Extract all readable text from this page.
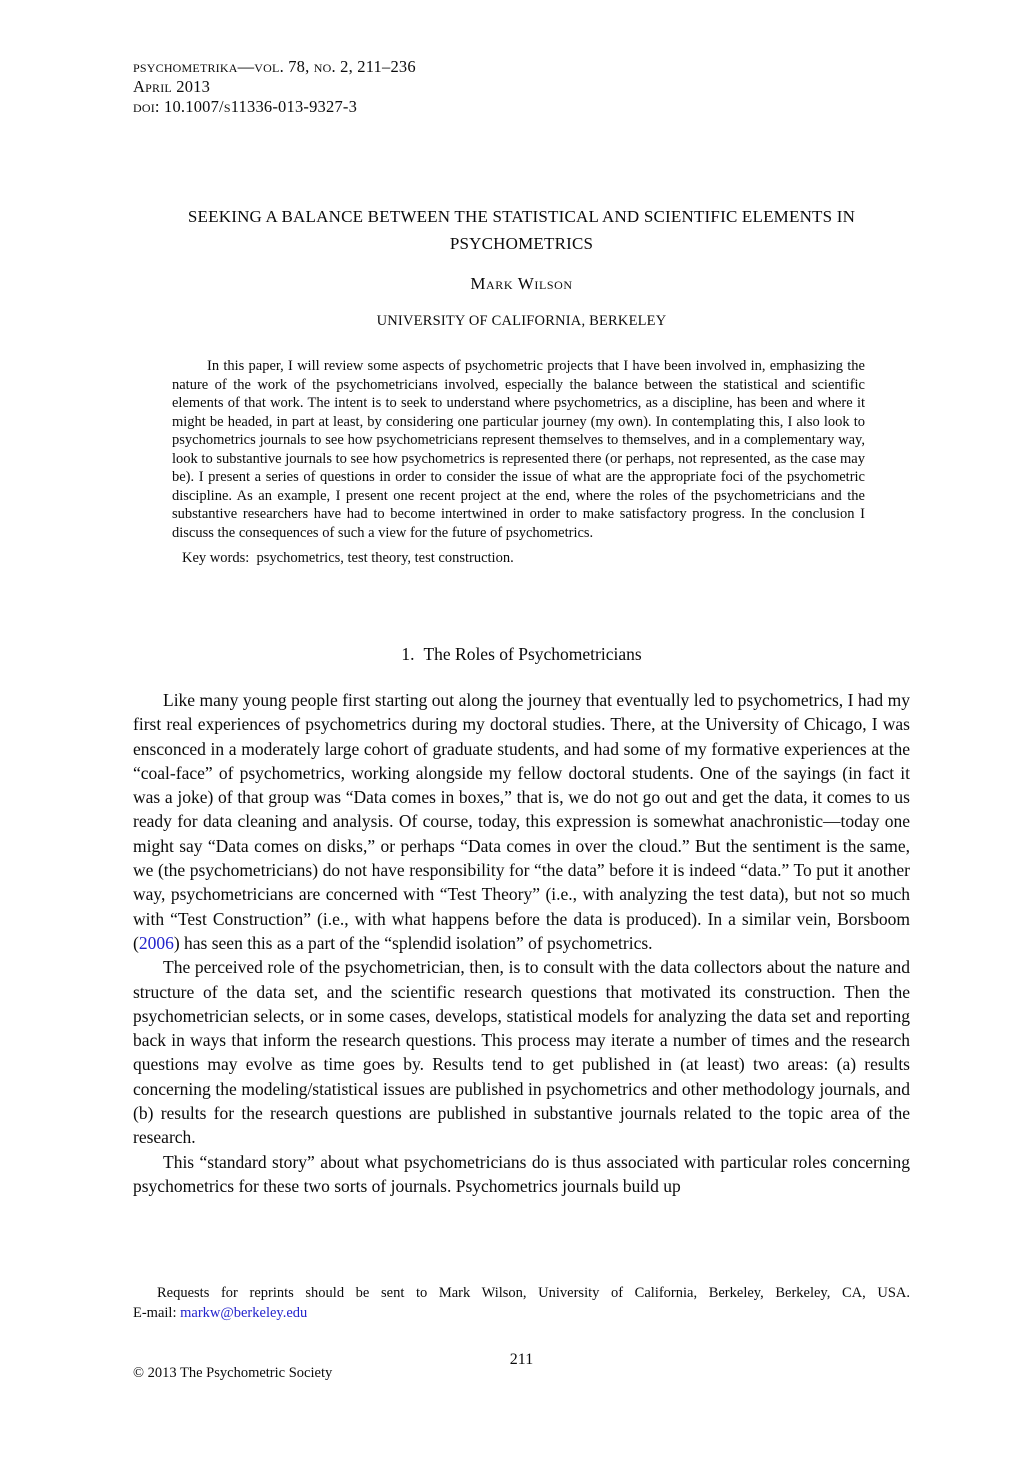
psychometrika—vol. 78, no. 2, 211–236
April 2013
doi: 10.1007/s11336-013-9327-3
SEEKING A BALANCE BETWEEN THE STATISTICAL AND SCIENTIFIC ELEMENTS IN PSYCHOMETRICS
Mark Wilson
UNIVERSITY OF CALIFORNIA, BERKELEY

In this paper, I will review some aspects of psychometric projects that I have been involved in, emphasizing the nature of the work of the psychometricians involved, especially the balance between the statistical and scientific elements of that work. The intent is to seek to understand where psychometrics, as a discipline, has been and where it might be headed, in part at least, by considering one particular journey (my own). In contemplating this, I also look to psychometrics journals to see how psychometricians represent themselves to themselves, and in a complementary way, look to substantive journals to see how psychometrics is represented there (or perhaps, not represented, as the case may be). I present a series of questions in order to consider the issue of what are the appropriate foci of the psychometric discipline. As an example, I present one recent project at the end, where the roles of the psychometricians and the substantive researchers have had to become intertwined in order to make satisfactory progress. In the conclusion I discuss the consequences of such a view for the future of psychometrics.

Key words: psychometrics, test theory, test construction.

1. The Roles of Psychometricians

Like many young people first starting out along the journey that eventually led to psychometrics, I had my first real experiences of psychometrics during my doctoral studies. There, at the University of Chicago, I was ensconced in a moderately large cohort of graduate students, and had some of my formative experiences at the “coal-face” of psychometrics, working alongside my fellow doctoral students. One of the sayings (in fact it was a joke) of that group was “Data comes in boxes,” that is, we do not go out and get the data, it comes to us ready for data cleaning and analysis. Of course, today, this expression is somewhat anachronistic—today one might say “Data comes on disks,” or perhaps “Data comes in over the cloud.” But the sentiment is the same, we (the psychometricians) do not have responsibility for “the data” before it is indeed “data.” To put it another way, psychometricians are concerned with “Test Theory” (i.e., with analyzing the test data), but not so much with “Test Construction” (i.e., with what happens before the data is produced). In a similar vein, Borsboom (2006) has seen this as a part of the “splendid isolation” of psychometrics.

The perceived role of the psychometrician, then, is to consult with the data collectors about the nature and structure of the data set, and the scientific research questions that motivated its construction. Then the psychometrician selects, or in some cases, develops, statistical models for analyzing the data set and reporting back in ways that inform the research questions. This process may iterate a number of times and the research questions may evolve as time goes by. Results tend to get published in (at least) two areas: (a) results concerning the modeling/statistical issues are published in psychometrics and other methodology journals, and (b) results for the research questions are published in substantive journals related to the topic area of the research.

This “standard story” about what psychometricians do is thus associated with particular roles concerning psychometrics for these two sorts of journals. Psychometrics journals build up

Requests for reprints should be sent to Mark Wilson, University of California, Berkeley, Berkeley, CA, USA.
E-mail: markw@berkeley.edu
211
© 2013 The Psychometric Society
